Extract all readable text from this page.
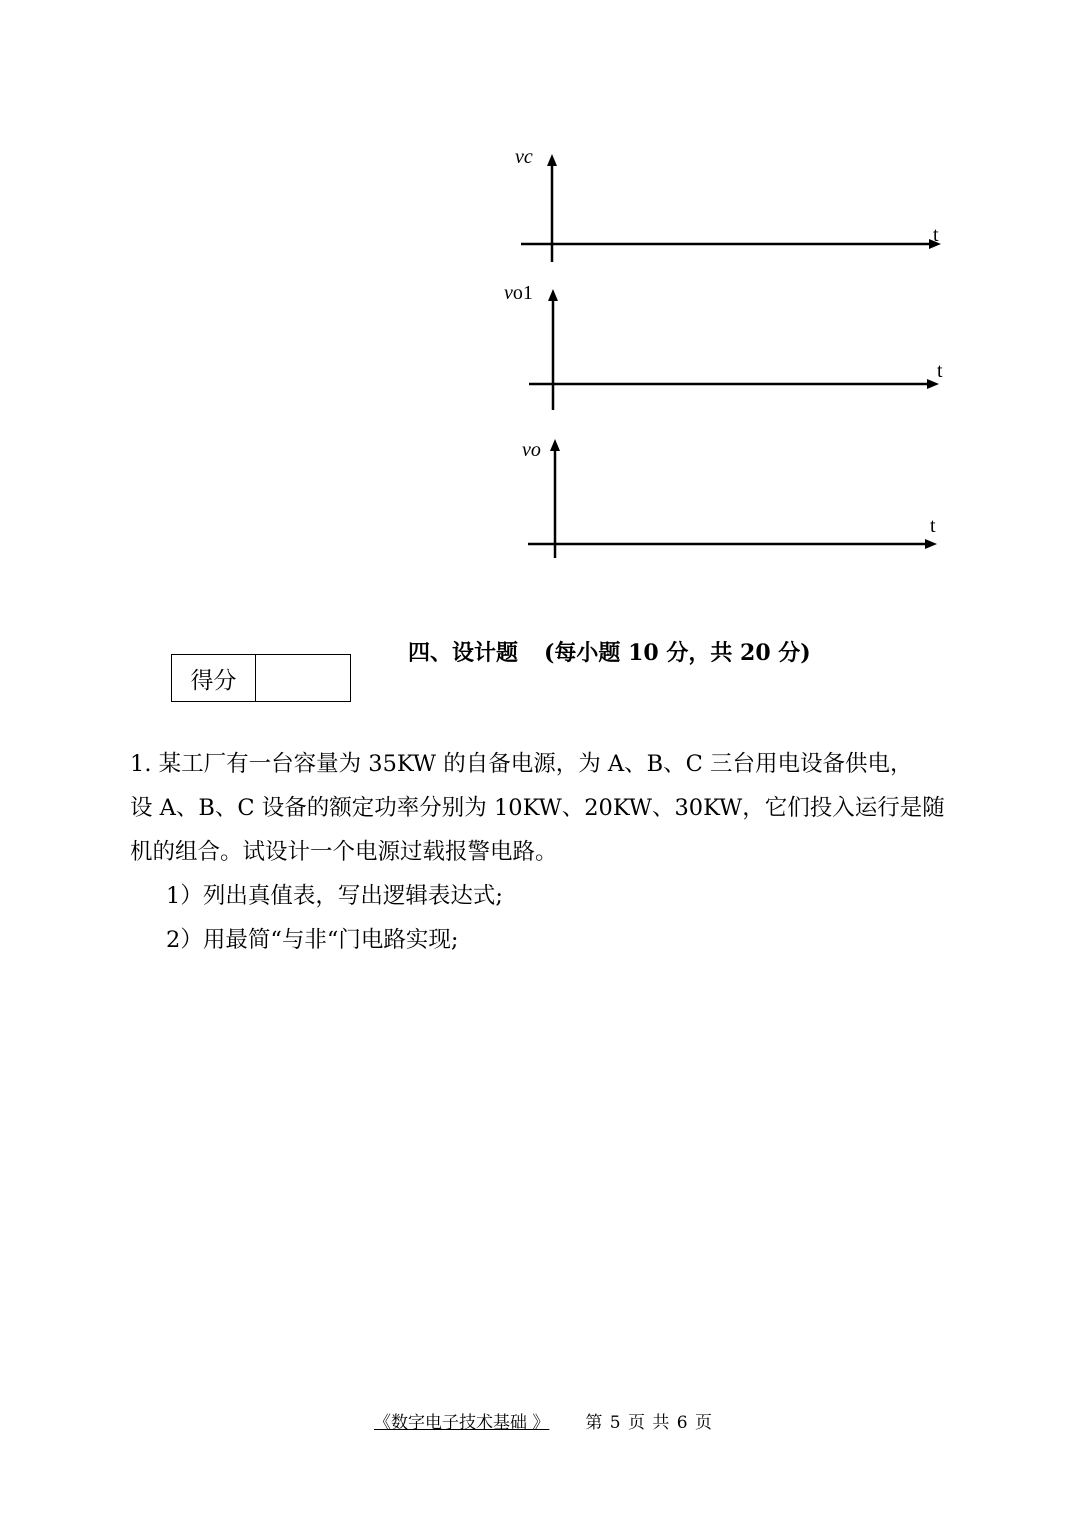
vc
t
vo1
t
vo
t
四、设计题 (每小题 10 分，共 20 分)
得分
1. 某工厂有一台容量为 35KW 的自备电源，为 A、B、C 三台用电设备供电，
设 A、B、C 设备的额定功率分别为 10KW、20KW、30KW，它们投入运行是随
机的组合。试设计一个电源过载报警电路。
1）列出真值表，写出逻辑表达式;
2）用最简“与非“门电路实现;
《数字电子技术基础 》 第 5 页 共 6 页
